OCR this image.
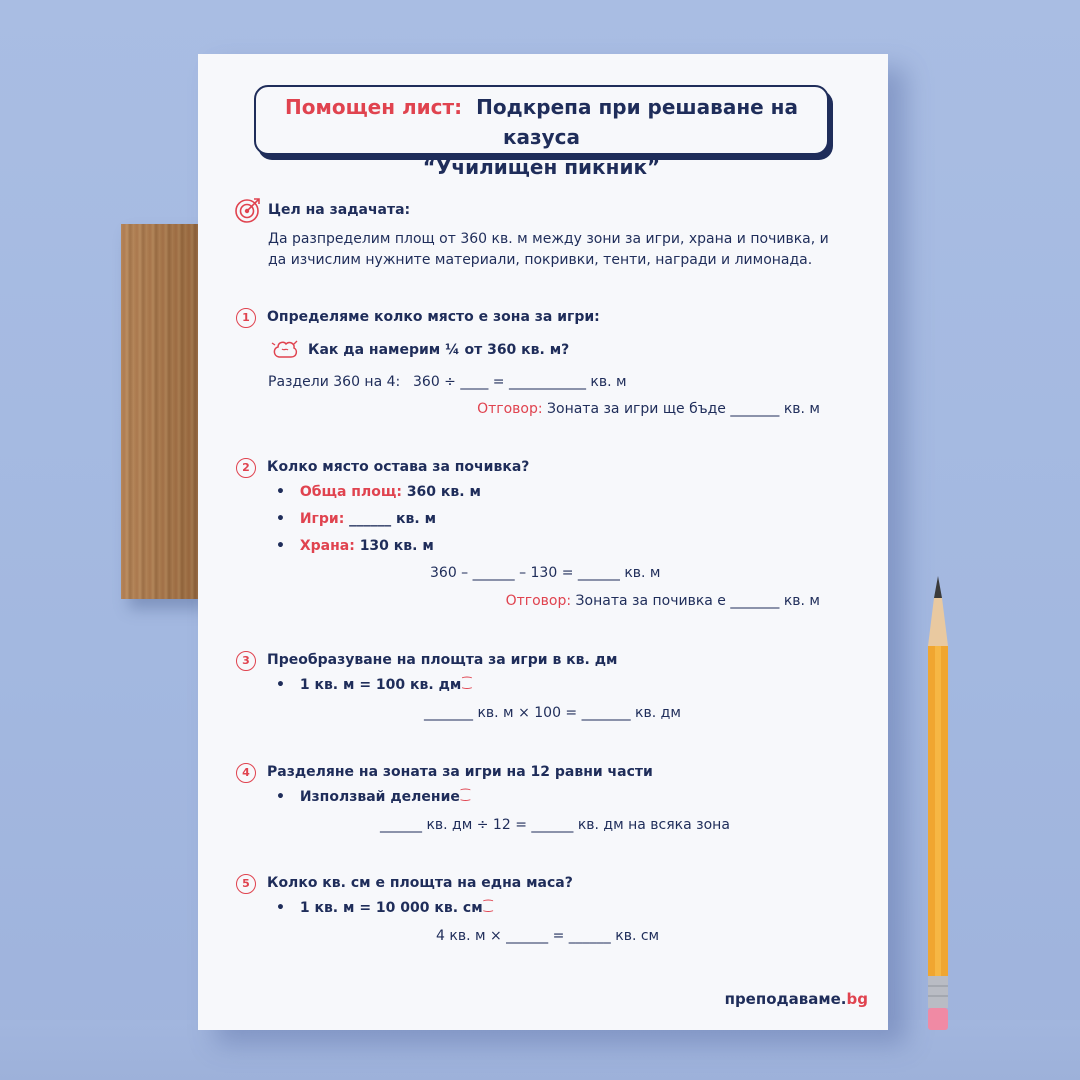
Помощен лист: Подкрепа при решаване на казуса
“Училищен пикник”
Цел на задачата:
Да разпределим площ от 360 кв. м между зони за игри, храна и почивка, и да изчислим нужните материали, покривки, тенти, награди и лимонада.
1	Определяме колко място е зона за игри:
Как да намерим ¼ от 360 кв. м?
Раздели 360 на 4: 360 ÷ ____ = ___________ кв. м
Отговор: Зоната за игри ще бъде _______ кв. м
2	Колко място остава за почивка?
• Обща площ: 360 кв. м
• Игри: ______ кв. м
• Храна: 130 кв. м
360 – ______ – 130 = ______ кв. м
Отговор: Зоната за почивка е _______ кв. м
3	Преобразуване на площта за игри в кв. дм
• 1 кв. м = 100 кв. дм⁐
_______ кв. м × 100 = _______ кв. дм
4	Разделяне на зоната за игри на 12 равни части
• Използвай деление⁐
______ кв. дм ÷ 12 = ______ кв. дм на всяка зона
5	Колко кв. см е площта на една маса?
• 1 кв. м = 10 000 кв. см⁐
4 кв. м × ______ = ______ кв. см
преподаваме.bg
